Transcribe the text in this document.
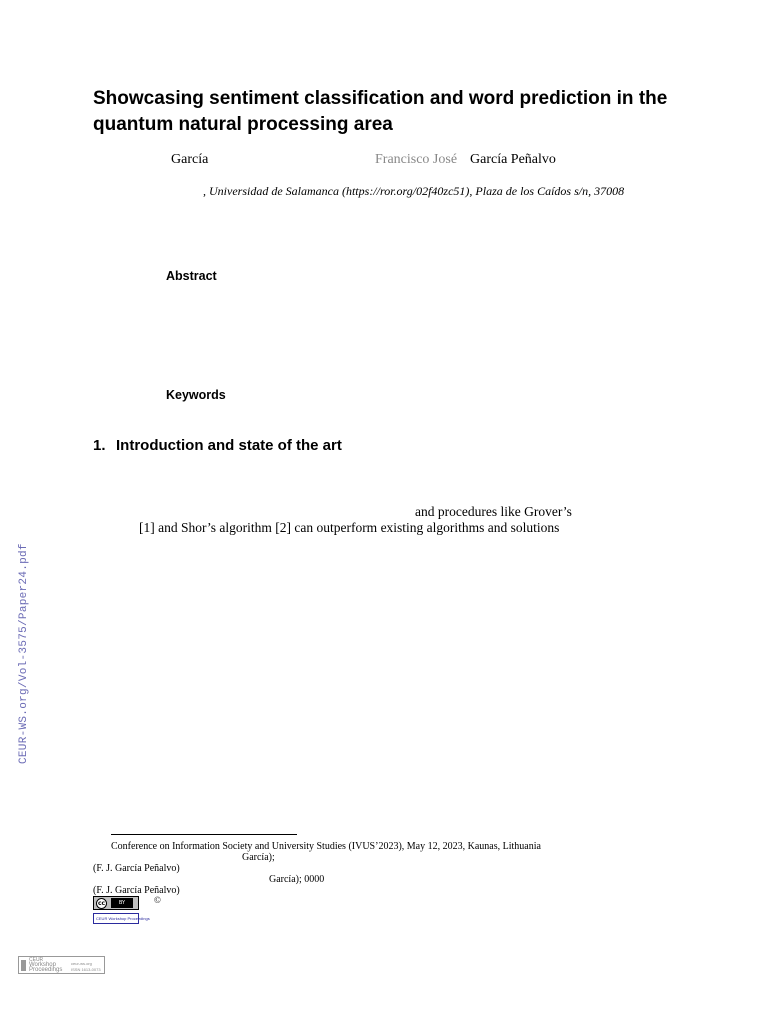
Showcasing sentiment classification and word prediction in the quantum natural processing area
García	Francisco José García Peñalvo
, Universidad de Salamanca (https://ror.org/02f40zc51), Plaza de los Caídos s/n, 37008
Abstract
Keywords
1. Introduction and state of the art
and procedures like Grover’s
[1] and Shor’s algorithm [2] can outperform existing algorithms and solutions
CEUR-WS.org/Vol-3575/Paper24.pdf
Conference on Information Society and University Studies (IVUS’2023), May 12, 2023, Kaunas, Lithuania
García);
(F. J. García Peñalvo)
García); 0000
(F. J. García Peñalvo)
©
cc	BY
CEUR Workshop Proceedings
CEUR
Workshop
Proceedings
ceur-ws.org
ISSN 1613-0073
